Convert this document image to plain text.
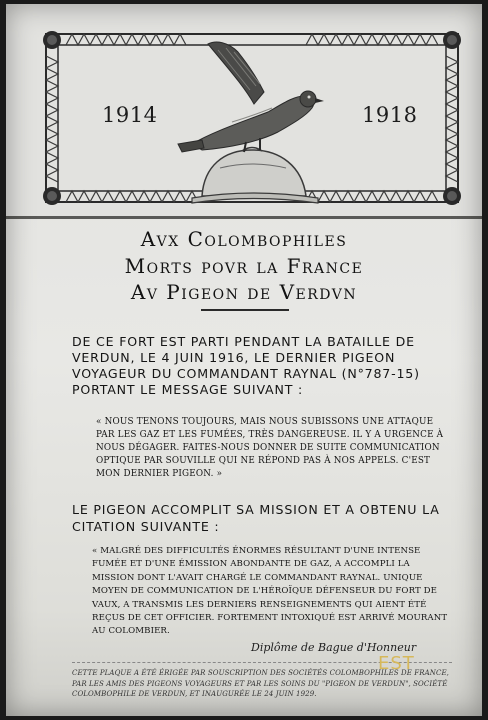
1914	1918
Avx Colombophiles
Morts povr la France
Av Pigeon de Verdvn
DE CE FORT EST PARTI PENDANT LA BATAILLE DE VERDUN, LE 4 JUIN 1916, LE DERNIER PIGEON VOYAGEUR DU COMMANDANT RAYNAL (N°787-15) PORTANT LE MESSAGE SUIVANT :
« NOUS TENONS TOUJOURS, MAIS NOUS SUBISSONS UNE ATTAQUE PAR LES GAZ ET LES FUMÉES, TRÈS DANGEREUSE. IL Y A URGENCE À NOUS DÉGAGER. FAITES-NOUS DONNER DE SUITE COMMUNICATION OPTIQUE PAR SOUVILLE QUI NE RÉPOND PAS À NOS APPELS. C'EST MON DERNIER PIGEON. »
LE PIGEON ACCOMPLIT SA MISSION ET A OBTENU LA CITATION SUIVANTE :
« MALGRÉ DES DIFFICULTÉS ÉNORMES RÉSULTANT D'UNE INTENSE FUMÉE ET D'UNE ÉMISSION ABONDANTE DE GAZ, A ACCOMPLI LA MISSION DONT L'AVAIT CHARGÉ LE COMMANDANT RAYNAL. UNIQUE MOYEN DE COMMUNICATION DE L'HÉROÏQUE DÉFENSEUR DU FORT DE VAUX, A TRANSMIS LES DERNIERS RENSEIGNEMENTS QUI AIENT ÉTÉ REÇUS DE CET OFFICIER. FORTEMENT INTOXIQUÉ EST ARRIVÉ MOURANT AU COLOMBIER.
Diplôme de Bague d'Honneur
CETTE PLAQUE A ÉTÉ ÉRIGÉE PAR SOUSCRIPTION DES SOCIÉTÉS COLOMBOPHILES DE FRANCE, PAR LES AMIS DES PIGEONS VOYAGEURS ET PAR LES SOINS DU "PIGEON DE VERDUN", SOCIÉTÉ COLOMBOPHILE DE VERDUN, ET INAUGURÉE LE 24 JUIN 1929.
EST
